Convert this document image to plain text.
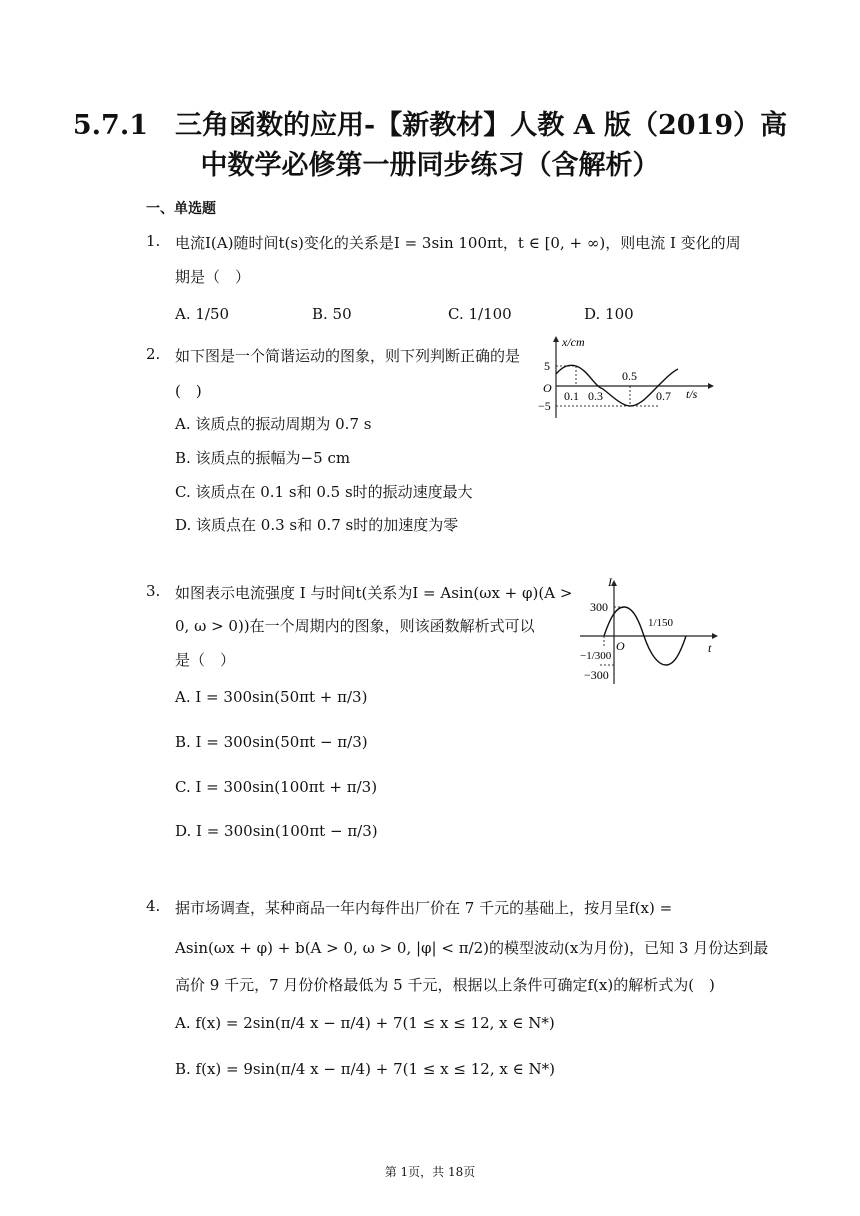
5.7.1　三角函数的应用-【新教材】人教 A 版（2019）高
中数学必修第一册同步练习（含解析）
一、单选题
1. 电流I(A)随时间t(s)变化的关系是I = 3sin 100πt，t ∈ [0, + ∞)，则电流 I 变化的周
期是（　）
A. 1/50	B. 50	C. 1/100	D. 100
2. 如下图是一个简谐运动的图象，则下列判断正确的是
(　)
A. 该质点的振动周期为 0.7 s
B. 该质点的振幅为−5 cm
C. 该质点在 0.1 s和 0.5 s时的振动速度最大
D. 该质点在 0.3 s和 0.7 s时的加速度为零
x/cm
t/s
O
5
−5
0.1 0.3
0.5
0.7
3. 如图表示电流强度 I 与时间t(关系为I = Asin(ωx + φ)(A >
0, ω > 0))在一个周期内的图象，则该函数解析式可以
是（　）
A. I = 300sin(50πt + π/3)
B. I = 300sin(50πt − π/3)
C. I = 300sin(100πt + π/3)
D. I = 300sin(100πt − π/3)
I
t
O
300
−300
−1/300
1/150
4. 据市场调查，某种商品一年内每件出厂价在 7 千元的基础上，按月呈f(x) =
Asin(ωx + φ) + b(A > 0, ω > 0, |φ| < π/2)的模型波动(x为月份)，已知 3 月份达到最
高价 9 千元，7 月份价格最低为 5 千元，根据以上条件可确定f(x)的解析式为(　)
A. f(x) = 2sin(π/4 x − π/4) + 7(1 ≤ x ≤ 12, x ∈ N*)
B. f(x) = 9sin(π/4 x − π/4) + 7(1 ≤ x ≤ 12, x ∈ N*)
第 1页，共 18页
